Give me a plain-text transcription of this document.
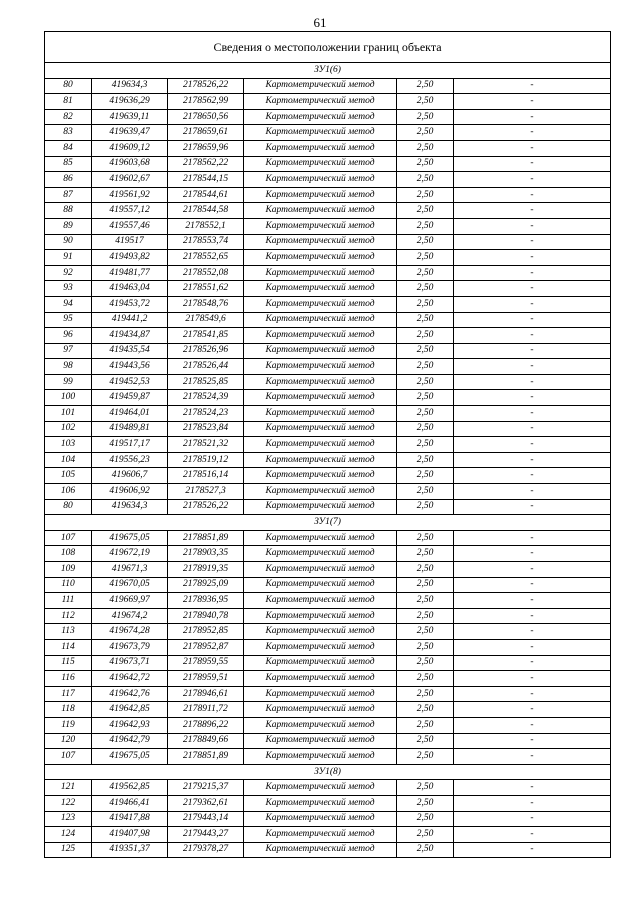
61
Сведения о местоположении границ объекта					
ЗУ1(6)					
80	419634,3	2178526,22	Картометрический метод	2,50	-
81	419636,29	2178562,99	Картометрический метод	2,50	-
82	419639,11	2178650,56	Картометрический метод	2,50	-
83	419639,47	2178659,61	Картометрический метод	2,50	-
84	419609,12	2178659,96	Картометрический метод	2,50	-
85	419603,68	2178562,22	Картометрический метод	2,50	-
86	419602,67	2178544,15	Картометрический метод	2,50	-
87	419561,92	2178544,61	Картометрический метод	2,50	-
88	419557,12	2178544,58	Картометрический метод	2,50	-
89	419557,46	2178552,1	Картометрический метод	2,50	-
90	419517	2178553,74	Картометрический метод	2,50	-
91	419493,82	2178552,65	Картометрический метод	2,50	-
92	419481,77	2178552,08	Картометрический метод	2,50	-
93	419463,04	2178551,62	Картометрический метод	2,50	-
94	419453,72	2178548,76	Картометрический метод	2,50	-
95	419441,2	2178549,6	Картометрический метод	2,50	-
96	419434,87	2178541,85	Картометрический метод	2,50	-
97	419435,54	2178526,96	Картометрический метод	2,50	-
98	419443,56	2178526,44	Картометрический метод	2,50	-
99	419452,53	2178525,85	Картометрический метод	2,50	-
100	419459,87	2178524,39	Картометрический метод	2,50	-
101	419464,01	2178524,23	Картометрический метод	2,50	-
102	419489,81	2178523,84	Картометрический метод	2,50	-
103	419517,17	2178521,32	Картометрический метод	2,50	-
104	419556,23	2178519,12	Картометрический метод	2,50	-
105	419606,7	2178516,14	Картометрический метод	2,50	-
106	419606,92	2178527,3	Картометрический метод	2,50	-
80	419634,3	2178526,22	Картометрический метод	2,50	-
ЗУ1(7)					
107	419675,05	2178851,89	Картометрический метод	2,50	-
108	419672,19	2178903,35	Картометрический метод	2,50	-
109	419671,3	2178919,35	Картометрический метод	2,50	-
110	419670,05	2178925,09	Картометрический метод	2,50	-
111	419669,97	2178936,95	Картометрический метод	2,50	-
112	419674,2	2178940,78	Картометрический метод	2,50	-
113	419674,28	2178952,85	Картометрический метод	2,50	-
114	419673,79	2178952,87	Картометрический метод	2,50	-
115	419673,71	2178959,55	Картометрический метод	2,50	-
116	419642,72	2178959,51	Картометрический метод	2,50	-
117	419642,76	2178946,61	Картометрический метод	2,50	-
118	419642,85	2178911,72	Картометрический метод	2,50	-
119	419642,93	2178896,22	Картометрический метод	2,50	-
120	419642,79	2178849,66	Картометрический метод	2,50	-
107	419675,05	2178851,89	Картометрический метод	2,50	-
ЗУ1(8)					
121	419562,85	2179215,37	Картометрический метод	2,50	-
122	419466,41	2179362,61	Картометрический метод	2,50	-
123	419417,88	2179443,14	Картометрический метод	2,50	-
124	419407,98	2179443,27	Картометрический метод	2,50	-
125	419351,37	2179378,27	Картометрический метод	2,50	-
